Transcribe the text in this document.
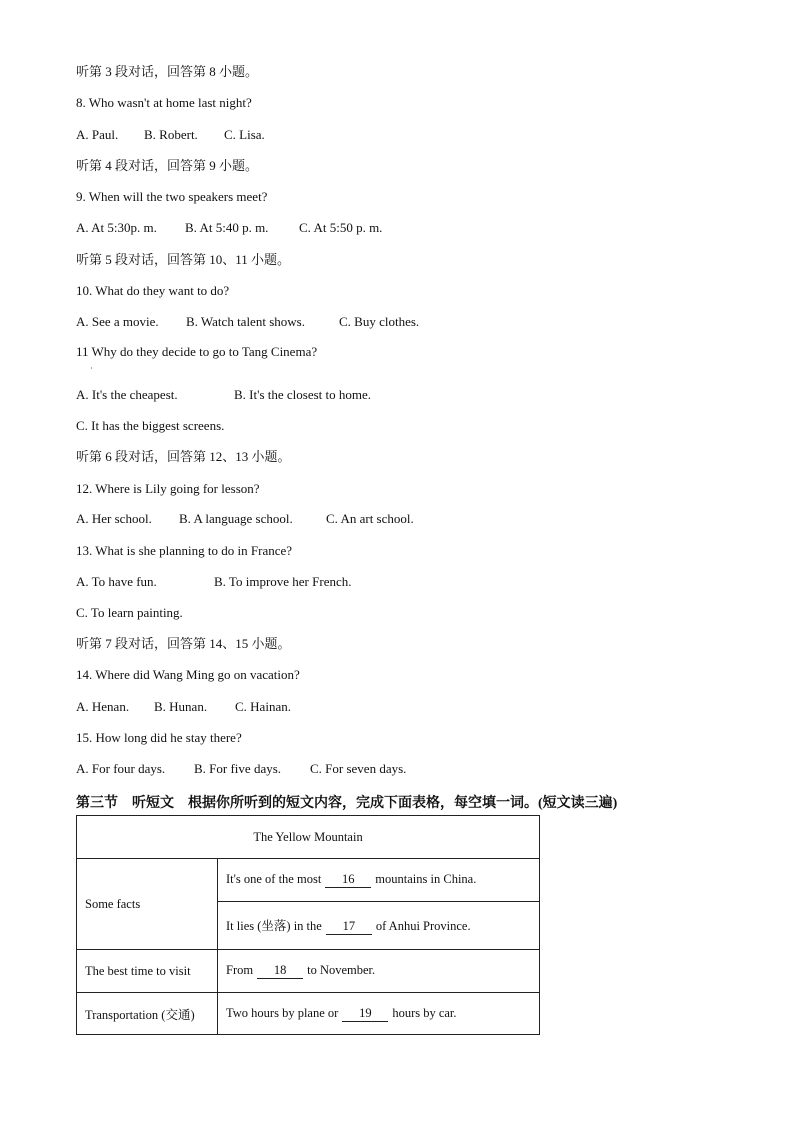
听第 3 段对话，回答第 8 小题。
8. Who wasn't at home last night?
A. Paul. B. Robert. C. Lisa.
听第 4 段对话，回答第 9 小题。
9. When will the two speakers meet?
A. At 5:30p. m. B. At 5:40 p. m. C. At 5:50 p. m.
听第 5 段对话，回答第 10、11 小题。
10. What do they want to do?
A. See a movie. B. Watch talent shows.	C. Buy clothes.
11 Why do they decide to go to Tang Cinema?
·
A. It's the cheapest.	B. It's the closest to home.
C. It has the biggest screens.
听第 6 段对话，回答第 12、13 小题。
12. Where is Lily going for lesson?
A. Her school. B. A language school.	C. An art school.
13. What is she planning to do in France?
A. To have fun.	B. To improve her French.
C. To learn painting.
听第 7 段对话，回答第 14、15 小题。
14. Where did Wang Ming go on vacation?
A. Henan. B. Hunan. C. Hainan.
15. How long did he stay there?
A. For four days. B. For five days. C. For seven days.
第三节　听短文　根据你所听到的短文内容，完成下面表格，每空填一词。(短文读三遍)
The Yellow Mountain	
Some facts	It's one of the most 16 mountains in China.
	It lies (坐落) in the 17 of Anhui Province.
The best time to visit	From 18 to November.
Transportation (交通)	Two hours by plane or 19 hours by car.
